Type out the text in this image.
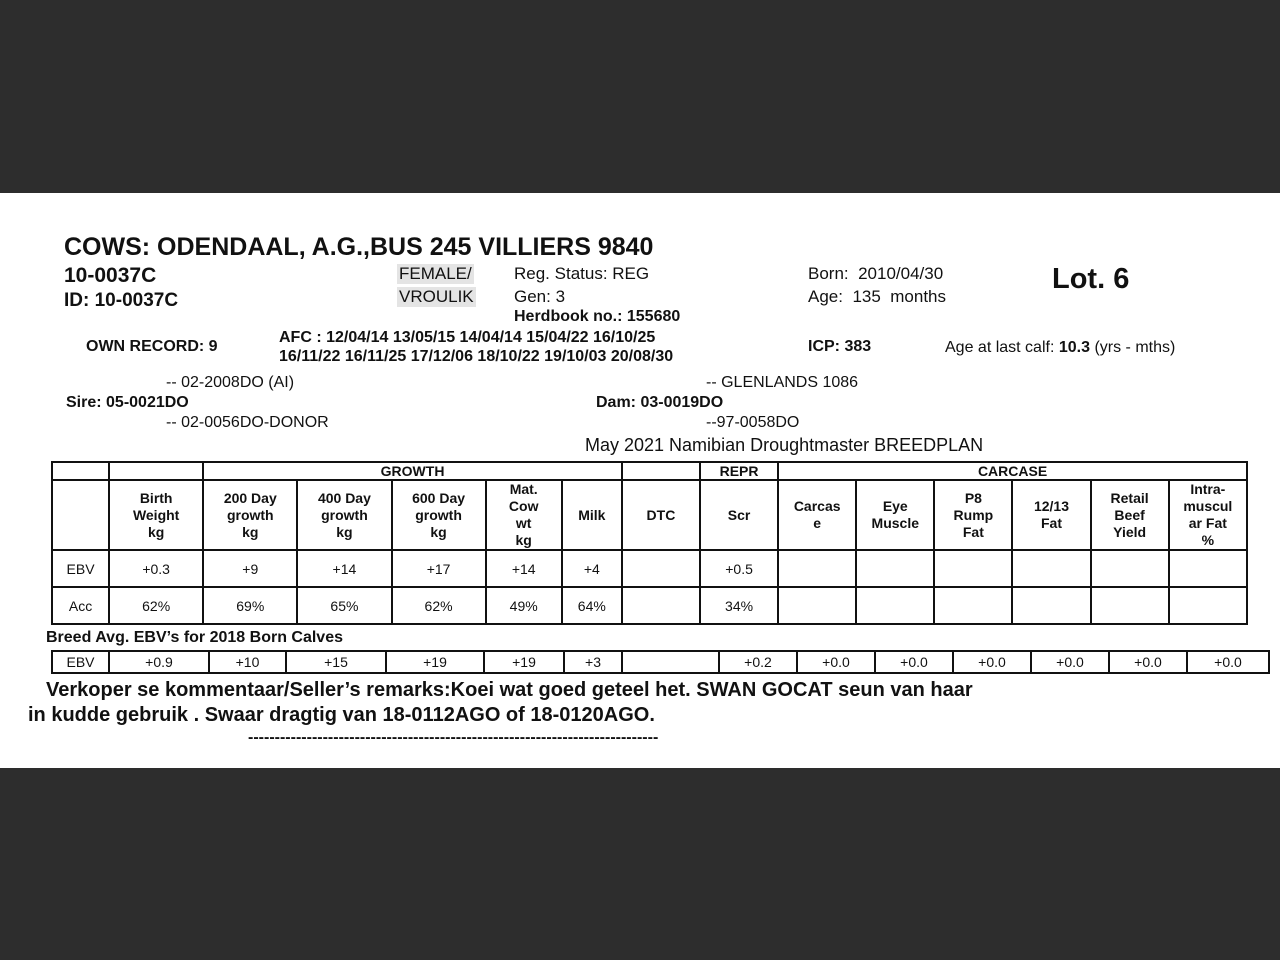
COWS: ODENDAAL, A.G.,BUS 245 VILLIERS 9840
10-0037C
ID: 10-0037C
FEMALE/
VROULIK
Reg. Status: REG
Gen: 3
Herdbook no.: 155680
Born: 2010/04/30
Age: 135 months
Lot. 6
OWN RECORD: 9
AFC : 12/04/14 13/05/15 14/04/14 15/04/22 16/10/25
16/11/22 16/11/25 17/12/06 18/10/22 19/10/03 20/08/30
ICP: 383	Age at last calf: 10.3 (yrs - mths)
-- 02-2008DO (AI)
Sire: 05-0021DO
-- 02-0056DO-DONOR
-- GLENLANDS 1086
Dam: 03-0019DO
--97-0058DO
May 2021 Namibian Droughtmaster BREEDPLAN
		GROWTH						REPR	CARCASE					
	Birth
Weight
kg	200 Day
growth
kg	400 Day
growth
kg	600 Day
growth
kg	Mat.
Cow
wt
kg	Milk	DTC	Scr	Carcas
e	Eye
Muscle	P8
Rump
Fat	12/13
Fat	Retail
Beef
Yield	Intra-
muscul
ar Fat
%
EBV	+0.3	+9	+14	+17	+14	+4		+0.5						
Acc	62%	69%	65%	62%	49%	64%		34%						
Breed Avg. EBV’s for 2018 Born Calves
EBV	+0.9	+10	+15	+19	+19	+3		+0.2	+0.0	+0.0	+0.0	+0.0	+0.0	+0.0
Verkoper se kommentaar/Seller’s remarks:Koei wat goed geteel het. SWAN GOCAT seun van haar
in kudde gebruik . Swaar dragtig van 18-0112AGO of 18-0120AGO.
-----------------------------------------------------------------------------
